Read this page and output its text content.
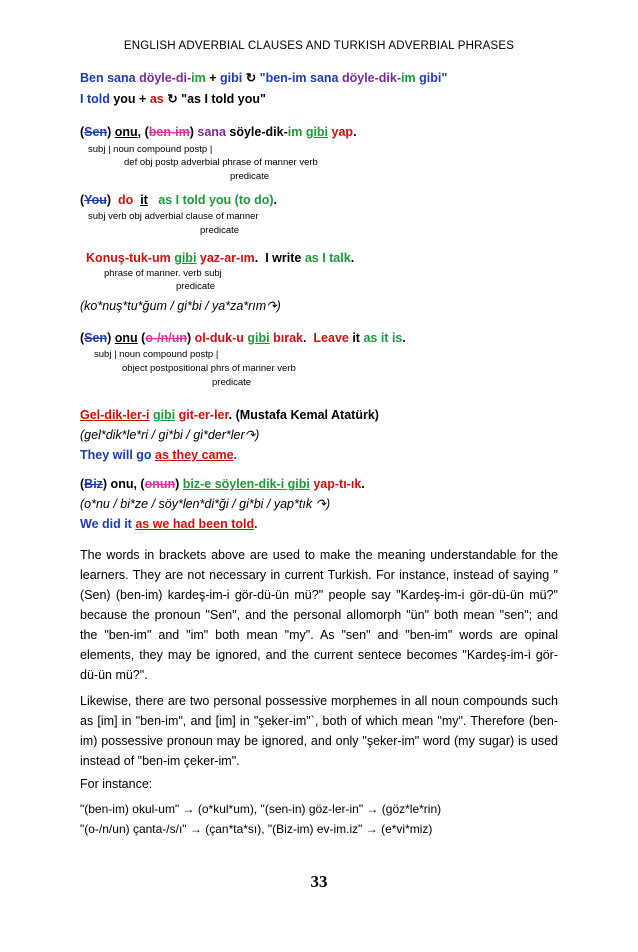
ENGLISH ADVERBIAL CLAUSES AND TURKISH ADVERBIAL PHRASES
Ben sana döyle-di-im + gibi ↻ "ben-im sana döyle-dik-im gibi"
I told you + as ↻ "as I told you"
(Sen) onu, (ben-im) sana söyle-dik-im gibi yap.
subj | noun compound postp |
def obj postp adverbial phrase of manner verb
predicate
(You)  do it as I told you (to do).
subj verb obj adverbial clause of manner
predicate
Konuş-tuk-um gibi yaz-ar-ım.  I write as I talk.
phrase of manner. verb subj
predicate
(ko*nuş*tu*ğum / gi*bi / ya*za*rım↷)
(Sen) onu (o-/n/un) ol-duk-u gibi bırak.  Leave it as it is.
subj | noun compound postp |
object postpositional phrs of manner verb
predicate
Gel-dik-ler-i gibi git-er-ler. (Mustafa Kemal Atatürk)
(gel*dik*le*ri / gi*bi / gi*der*ler↷)
They will go as they came.
(Biz) onu, (onun) biz-e söylen-dik-i gibi yap-tı-ık.
(o*nu / bi*ze / söy*len*di*ği / gi*bi / yap*tık ↷)
We did it as we had been told.
The words in brackets above are used to make the meaning understandable for the learners. They are not necessary in current Turkish. For instance, instead of saying "(Sen) (ben-im) kardeş-im-i gör-dü-ün mü?" people say "Kardeş-im-i gör-dü-ün mü?" because the pronoun "Sen", and the personal allomorph "ün" both mean "sen"; and the "ben-im" and "im" both mean "my". As "sen" and "ben-im" words are opinal elements, they may be ignored, and the current sentece becomes "Kardeş-im-i gör-dü-ün mü?".
Likewise, there are two personal possessive morphemes in all noun compounds such as [im] in "ben-im", and [im] in "şeker-im"`, both of which mean "my". Therefore (ben-im) possessive pronoun may be ignored, and only "şeker-im" word (my sugar) is used instead of "ben-im çeker-im".
For instance:
"(ben-im) okul-um" → (o*kul*um), "(sen-in) göz-ler-in" → (göz*le*rin)
"(o-/n/un) çanta-/s/ı" → (çan*ta*sı), "(Biz-im) ev-im.iz" → (e*vi*miz)
33
